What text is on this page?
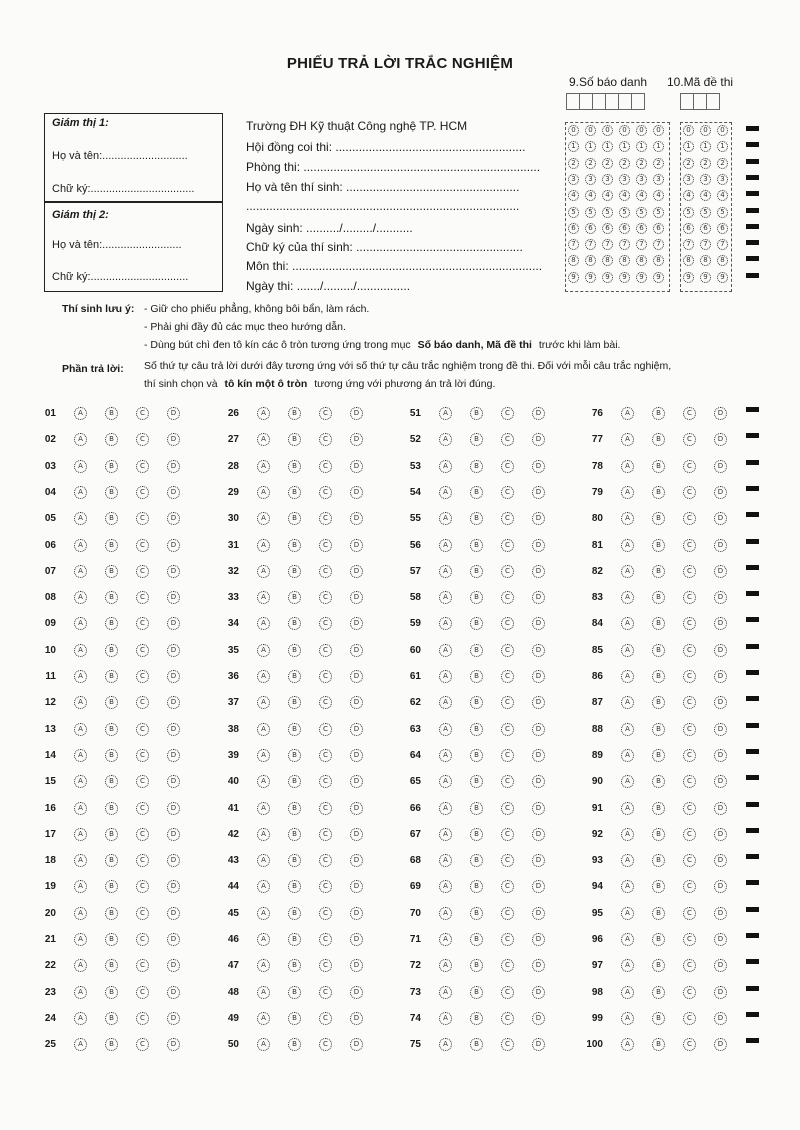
PHIẾU TRẢ LỜI TRẮC NGHIỆM
Giám thị 1:
Họ và tên:............................
Chữ ký:..................................
Giám thị 2:
Họ và tên:..........................
Chữ ký:................................
Trường ĐH Kỹ thuật Công nghệ TP. HCM
Hội đồng coi thi: .........................................................
Phòng thi: .......................................................................
Họ và tên thí sinh: ....................................................
..................................................................................
Ngày sinh: ........../........./...........
Chữ ký của thí sinh: ..................................................
Môn thi: ...........................................................................
Ngày thi: ......./........./................
9.Số báo danh 10.Mã đề thi
0	0	0	0	0	0
1	1	1	1	1	1
2	2	2	2	2	2
3	3	3	3	3	3
4	4	4	4	4	4
5	5	5	5	5	5
6	6	6	6	6	6
7	7	7	7	7	7
8	8	8	8	8	8
9	9	9	9	9	9
0	0	0
1	1	1
2	2	2
3	3	3
4	4	4
5	5	5
6	6	6
7	7	7
8	8	8
9	9	9
Thí sinh lưu ý: - Giữ cho phiếu phẳng, không bôi bẩn, làm rách.
- Phải ghi đầy đủ các mục theo hướng dẫn.
- Dùng bút chì đen tô kín các ô tròn tương ứng trong mục Số báo danh, Mã đề thi trước khi làm bài.
Phần trả lời: Số thứ tự câu trả lời dưới đây tương ứng với số thứ tự câu trắc nghiệm trong đề thi. Đối với mỗi câu trắc nghiệm,
thí sinh chọn và tô kín một ô tròn tương ứng với phương án trả lời đúng.
01	A	B	C	D
02	A	B	C	D
03	A	B	C	D
04	A	B	C	D
05	A	B	C	D
06	A	B	C	D
07	A	B	C	D
08	A	B	C	D
09	A	B	C	D
10	A	B	C	D
11	A	B	C	D
12	A	B	C	D
13	A	B	C	D
14	A	B	C	D
15	A	B	C	D
16	A	B	C	D
17	A	B	C	D
18	A	B	C	D
19	A	B	C	D
20	A	B	C	D
21	A	B	C	D
22	A	B	C	D
23	A	B	C	D
24	A	B	C	D
25	A	B	C	D
26	A	B	C	D
27	A	B	C	D
28	A	B	C	D
29	A	B	C	D
30	A	B	C	D
31	A	B	C	D
32	A	B	C	D
33	A	B	C	D
34	A	B	C	D
35	A	B	C	D
36	A	B	C	D
37	A	B	C	D
38	A	B	C	D
39	A	B	C	D
40	A	B	C	D
41	A	B	C	D
42	A	B	C	D
43	A	B	C	D
44	A	B	C	D
45	A	B	C	D
46	A	B	C	D
47	A	B	C	D
48	A	B	C	D
49	A	B	C	D
50	A	B	C	D
51	A	B	C	D
52	A	B	C	D
53	A	B	C	D
54	A	B	C	D
55	A	B	C	D
56	A	B	C	D
57	A	B	C	D
58	A	B	C	D
59	A	B	C	D
60	A	B	C	D
61	A	B	C	D
62	A	B	C	D
63	A	B	C	D
64	A	B	C	D
65	A	B	C	D
66	A	B	C	D
67	A	B	C	D
68	A	B	C	D
69	A	B	C	D
70	A	B	C	D
71	A	B	C	D
72	A	B	C	D
73	A	B	C	D
74	A	B	C	D
75	A	B	C	D
76	A	B	C	D
77	A	B	C	D
78	A	B	C	D
79	A	B	C	D
80	A	B	C	D
81	A	B	C	D
82	A	B	C	D
83	A	B	C	D
84	A	B	C	D
85	A	B	C	D
86	A	B	C	D
87	A	B	C	D
88	A	B	C	D
89	A	B	C	D
90	A	B	C	D
91	A	B	C	D
92	A	B	C	D
93	A	B	C	D
94	A	B	C	D
95	A	B	C	D
96	A	B	C	D
97	A	B	C	D
98	A	B	C	D
99	A	B	C	D
100	A	B	C	D
